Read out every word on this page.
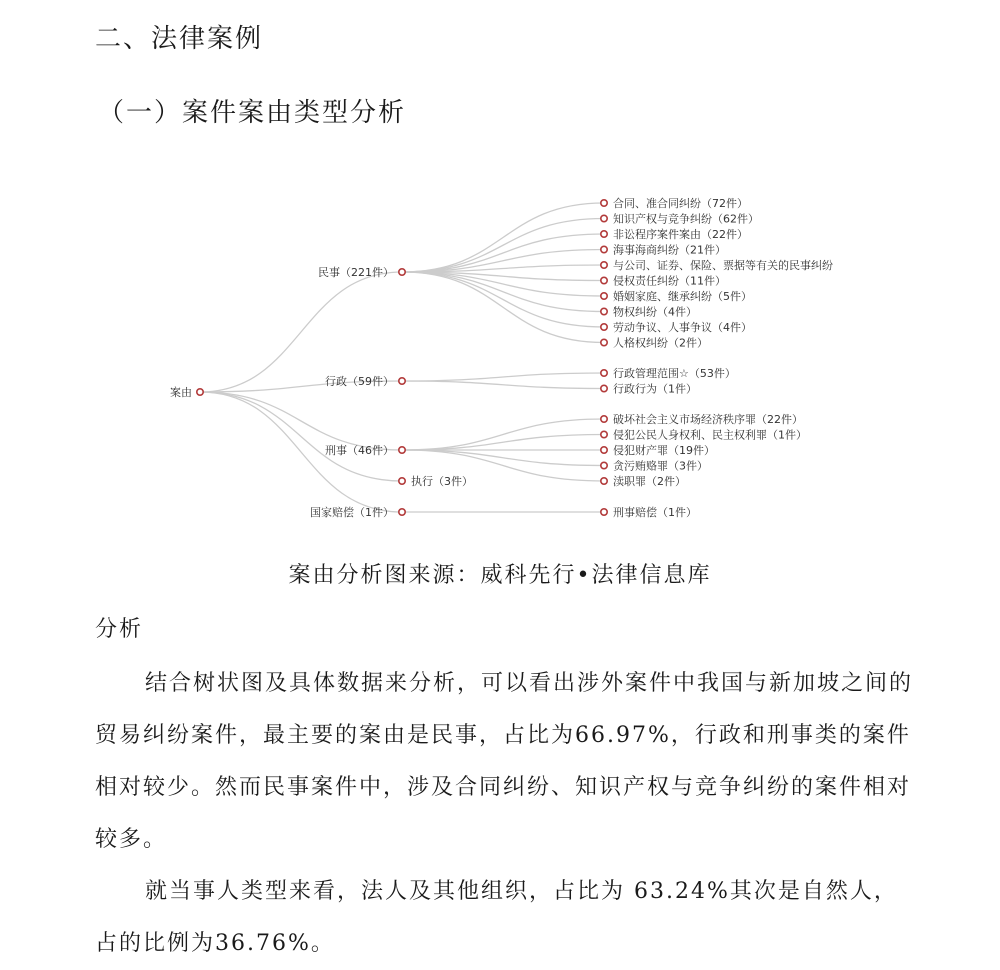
二、法律案例
（一）案件案由类型分析
案由
民事（221件）
合同、准合同纠纷（72件）
知识产权与竞争纠纷（62件）
非讼程序案件案由（22件）
海事海商纠纷（21件）
与公司、证券、保险、票据等有关的民事纠纷
侵权责任纠纷（11件）
婚姻家庭、继承纠纷（5件）
物权纠纷（4件）
劳动争议、人事争议（4件）
人格权纠纷（2件）
行政（59件）
行政管理范围☆（53件）
行政行为（1件）
刑事（46件）
破坏社会主义市场经济秩序罪（22件）
侵犯公民人身权利、民主权利罪（1件）
侵犯财产罪（19件）
贪污贿赂罪（3件）
渎职罪（2件）
执行（3件）
国家赔偿（1件）	刑事赔偿（1件）
案由分析图来源：威科先行•法律信息库
分析

结合树状图及具体数据来分析，可以看出涉外案件中我国与新加坡之间的贸易纠纷案件，最主要的案由是民事，占比为66.97%，行政和刑事类的案件相对较少。然而民事案件中，涉及合同纠纷、知识产权与竞争纠纷的案件相对较多。

就当事人类型来看，法人及其他组织，占比为 63.24%其次是自然人，占的比例为36.76%。
